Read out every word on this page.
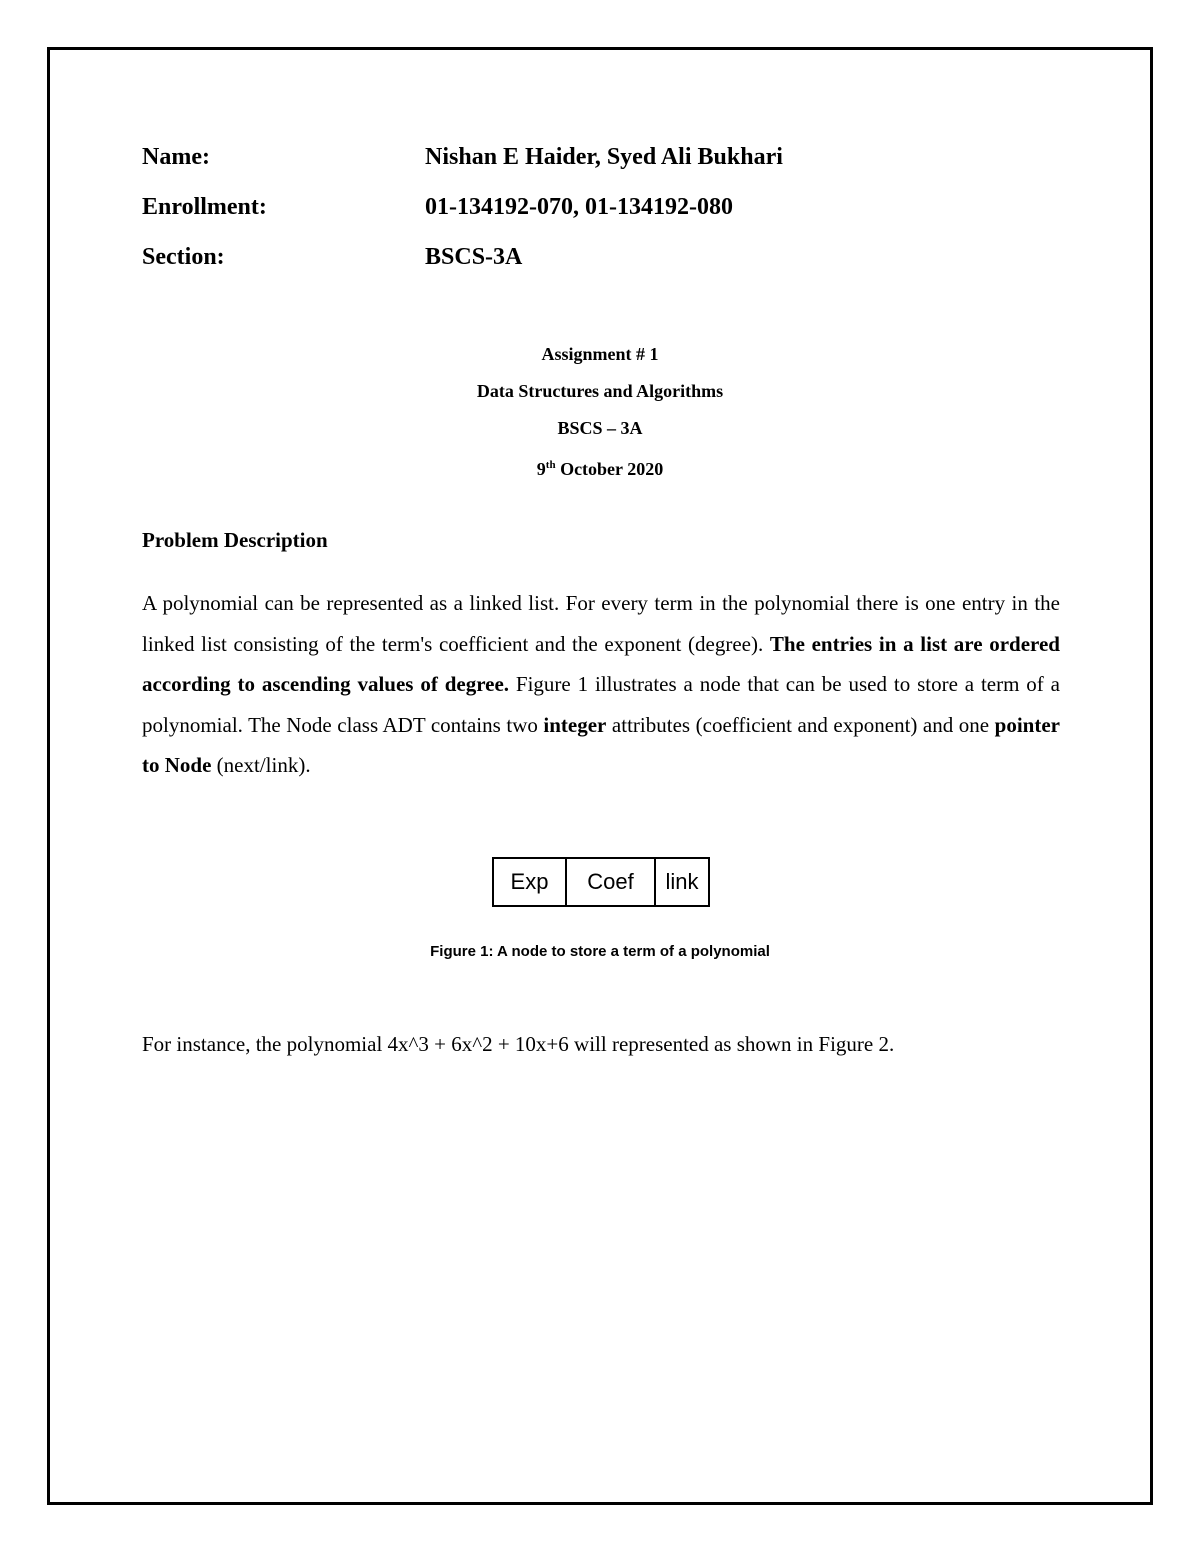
Name:	Nishan E Haider, Syed Ali Bukhari
Enrollment:	01-134192-070, 01-134192-080
Section:	BSCS-3A
Assignment # 1
Data Structures and Algorithms
BSCS – 3A
9th October 2020
Problem Description
A polynomial can be represented as a linked list. For every term in the polynomial there is one entry in the linked list consisting of the term's coefficient and the exponent (degree). The entries in a list are ordered according to ascending values of degree. Figure 1 illustrates a node that can be used to store a term of a polynomial. The Node class ADT contains two integer attributes (coefficient and exponent) and one pointer to Node (next/link).
Exp	Coef	link
Figure 1: A node to store a term of a polynomial
For instance, the polynomial 4x^3 + 6x^2 + 10x+6 will represented as shown in Figure 2.
